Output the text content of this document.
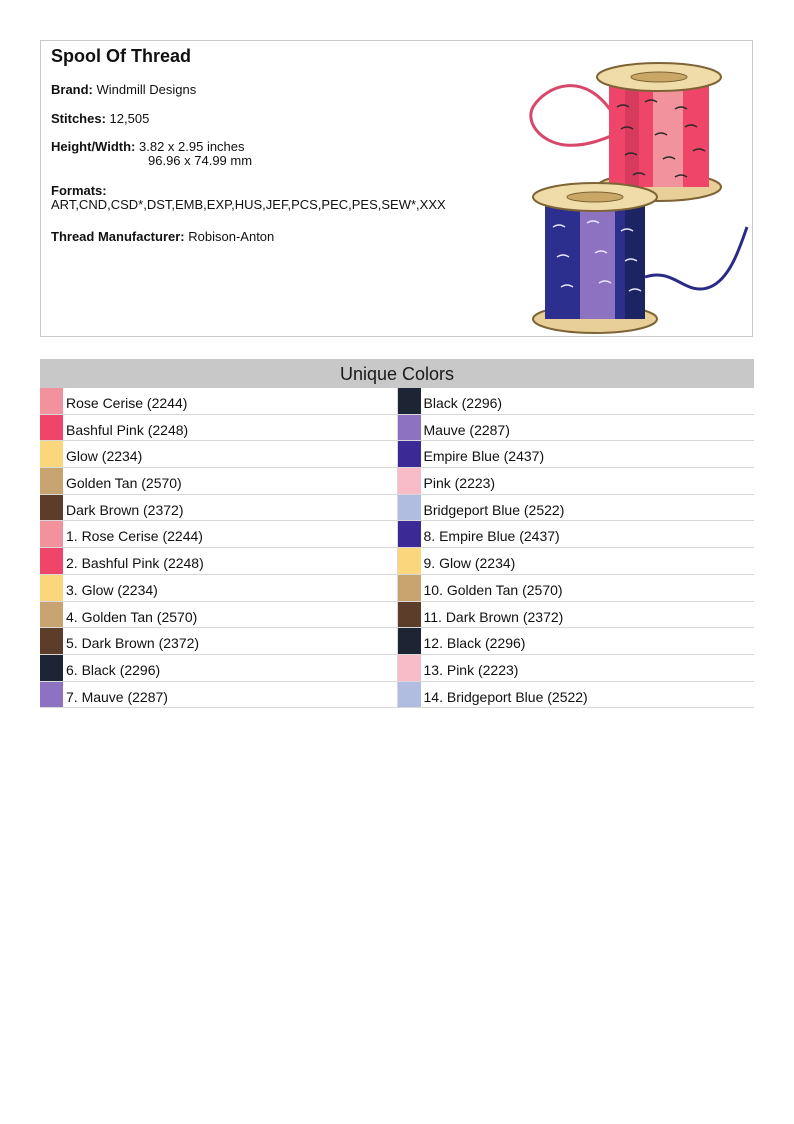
Spool Of Thread
Brand: Windmill Designs
Stitches: 12,505
Height/Width: 3.82 x 2.95 inches
96.96 x 74.99 mm
Formats:
ART,CND,CSD*,DST,EMB,EXP,HUS,JEF,PCS,PEC,PES,SEW*,XXX
Thread Manufacturer: Robison-Anton
Unique Colors
Rose Cerise (2244)	Black (2296)
Bashful Pink (2248)	Mauve (2287)
Glow (2234)	Empire Blue (2437)
Golden Tan (2570)	Pink (2223)
Dark Brown (2372)	Bridgeport Blue (2522)
1. Rose Cerise (2244)	8. Empire Blue (2437)
2. Bashful Pink (2248)	9. Glow (2234)
3. Glow (2234)	10. Golden Tan (2570)
4. Golden Tan (2570)	11. Dark Brown (2372)
5. Dark Brown (2372)	12. Black (2296)
6. Black (2296)	13. Pink (2223)
7. Mauve (2287)	14. Bridgeport Blue (2522)
